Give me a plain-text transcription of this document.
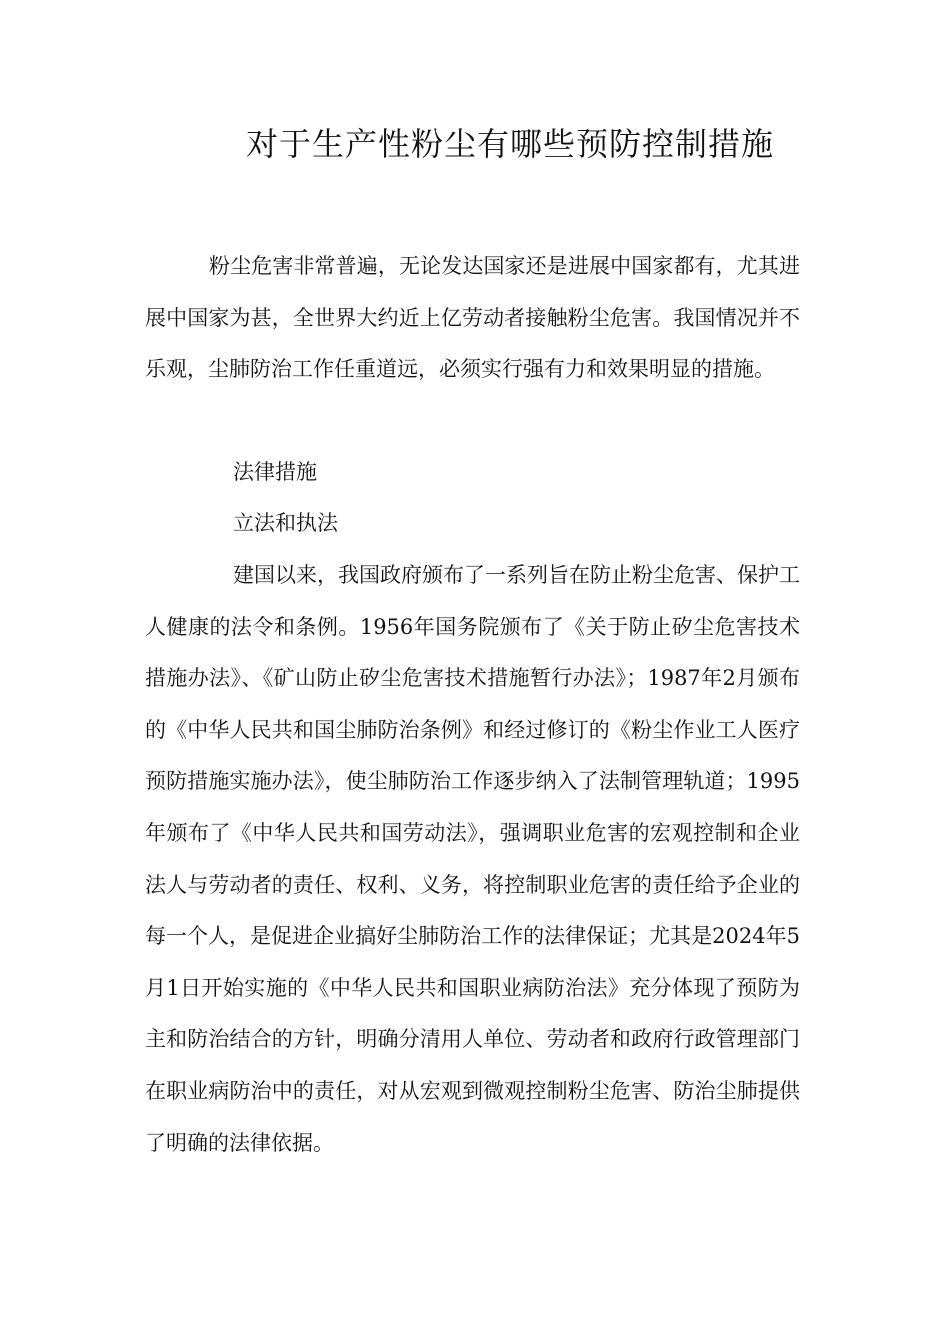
对于生产性粉尘有哪些预防控制措施

粉尘危害非常普遍，无论发达国家还是进展中国家都有，尤其进展中国家为甚，全世界大约近上亿劳动者接触粉尘危害。我国情况并不乐观，尘肺防治工作任重道远，必须实行强有力和效果明显的措施。

法律措施

立法和执法

建国以来，我国政府颁布了一系列旨在防止粉尘危害、保护工人健康的法令和条例。1956年国务院颁布了《关于防止矽尘危害技术措施办法》、《矿山防止矽尘危害技术措施暂行办法》；1987年2月颁布的《中华人民共和国尘肺防治条例》和经过修订的《粉尘作业工人医疗预防措施实施办法》，使尘肺防治工作逐步纳入了法制管理轨道；1995年颁布了《中华人民共和国劳动法》，强调职业危害的宏观控制和企业法人与劳动者的责任、权利、义务，将控制职业危害的责任给予企业的每一个人，是促进企业搞好尘肺防治工作的法律保证；尤其是2024年5月1日开始实施的《中华人民共和国职业病防治法》充分体现了预防为主和防治结合的方针，明确分清用人单位、劳动者和政府行政管理部门在职业病防治中的责任，对从宏观到微观控制粉尘危害、防治尘肺提供了明确的法律依据。
